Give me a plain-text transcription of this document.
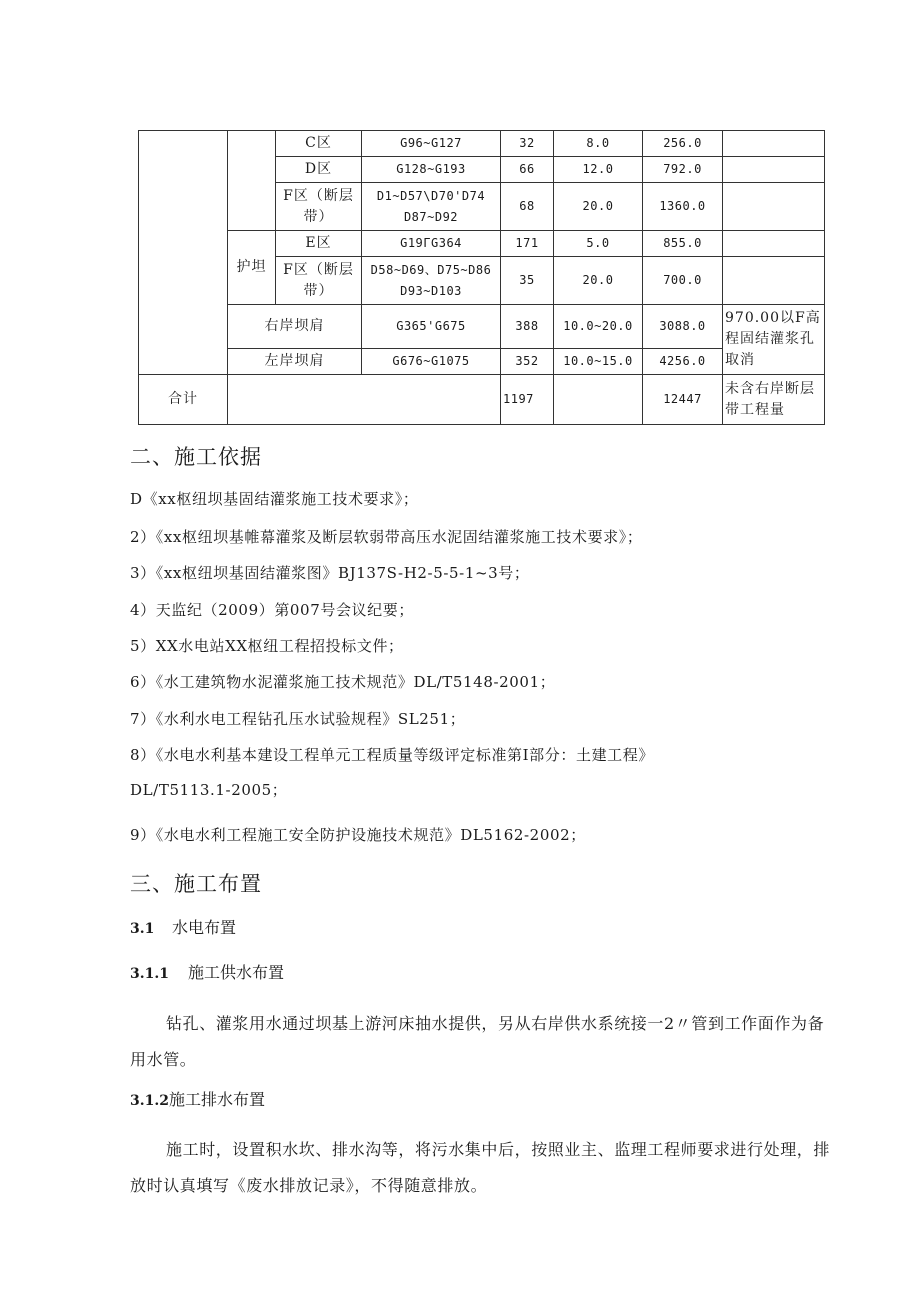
		C区	G96~G127	32	8.0	256.0	
		D区	G128~G193	66	12.0	792.0	
		F区（断层带）	D1~D57\D70'D74 D87~D92	68	20.0	1360.0	
	护坦	E区	G19ΓG364	171	5.0	855.0	
		F区（断层带）	D58~D69、D75~D86 D93~D103	35	20.0	700.0	
	右岸坝肩		G365'G675	388	10.0~20.0	3088.0	970.00以F高程固结灌浆孔取消
	左岸坝肩		G676~G1075	352	10.0~15.0	4256.0	
合计				1197		12447	未含右岸断层带工程量
二、施工依据
D《xx枢纽坝基固结灌浆施工技术要求》；
2）《xx枢纽坝基帷幕灌浆及断层软弱带高压水泥固结灌浆施工技术要求》；
3）《xx枢纽坝基固结灌浆图》BJ137S-H2-5-5-1~3号；
4）天监纪（2009）第007号会议纪要；
5）XX水电站XX枢纽工程招投标文件；
6）《水工建筑物水泥灌浆施工技术规范》DL/T5148-2001；
7）《水利水电工程钻孔压水试验规程》SL251；
8）《水电水利基本建设工程单元工程质量等级评定标准第I部分：土建工程》
DL/T5113.1-2005；
9）《水电水利工程施工安全防护设施技术规范》DL5162-2002；
三、施工布置
3.1 水电布置
3.1.1 施工供水布置
钻孔、灌浆用水通过坝基上游河床抽水提供，另从右岸供水系统接一2〃管到工作面作为备用水管。
3.1.2施工排水布置
施工时，设置积水坎、排水沟等，将污水集中后，按照业主、监理工程师要求进行处理，排放时认真填写《废水排放记录》，不得随意排放。
